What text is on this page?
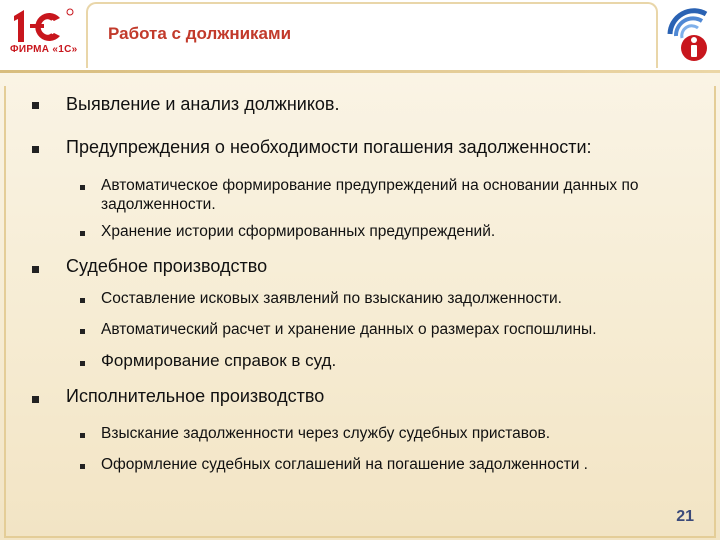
ФИРМА «1С»
Работа с должниками
Выявление и анализ должников.
Предупреждения о необходимости погашения задолженности:
Автоматическое формирование предупреждений на основании данных по задолженности.
Хранение истории сформированных предупреждений.
Судебное производство
Составление исковых заявлений по взысканию задолженности.
Автоматический расчет и хранение данных о размерах госпошлины.
Формирование справок в суд.
Исполнительное производство
Взыскание задолженности через службу судебных приставов.
Оформление судебных соглашений на погашение задолженности .
21
